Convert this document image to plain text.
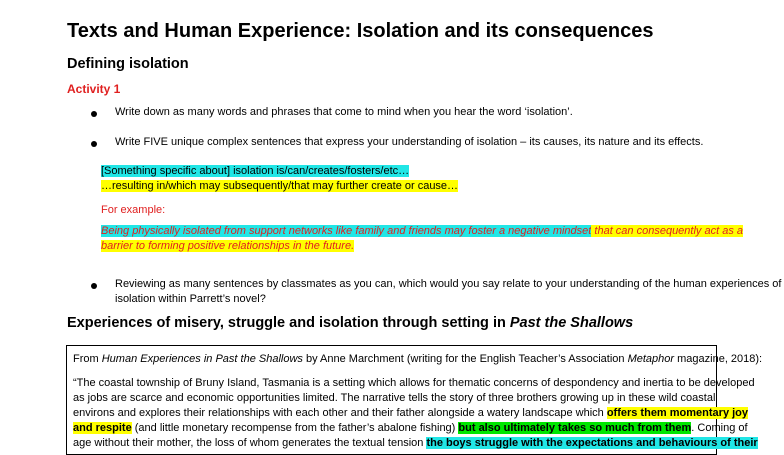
Texts and Human Experience: Isolation and its consequences
Defining isolation
Activity 1
Write down as many words and phrases that come to mind when you hear the word ‘isolation’.
Write FIVE unique complex sentences that express your understanding of isolation – its causes, its nature and its effects.
[Something specific about] isolation is/can/creates/fosters/etc…
…resulting in/which may subsequently/that may further create or cause…
For example:
Being physically isolated from support networks like family and friends may foster a negative mindset that can consequently act as a
barrier to forming positive relationships in the future.
Reviewing as many sentences by classmates as you can, which would you say relate to your understanding of the human experiences of
isolation within Parrett’s novel?
Experiences of misery, struggle and isolation through setting in Past the Shallows
From Human Experiences in Past the Shallows by Anne Marchment (writing for the English Teacher’s Association Metaphor magazine, 2018):
“The coastal township of Bruny Island, Tasmania is a setting which allows for thematic concerns of despondency and inertia to be developed
as jobs are scarce and economic opportunities limited. The narrative tells the story of three brothers growing up in these wild coastal
environs and explores their relationships with each other and their father alongside a watery landscape which offers them momentary joy
and respite (and little monetary recompense from the father’s abalone fishing) but also ultimately takes so much from them. Coming of
age without their mother, the loss of whom generates the textual tension the boys struggle with the expectations and behaviours of their
